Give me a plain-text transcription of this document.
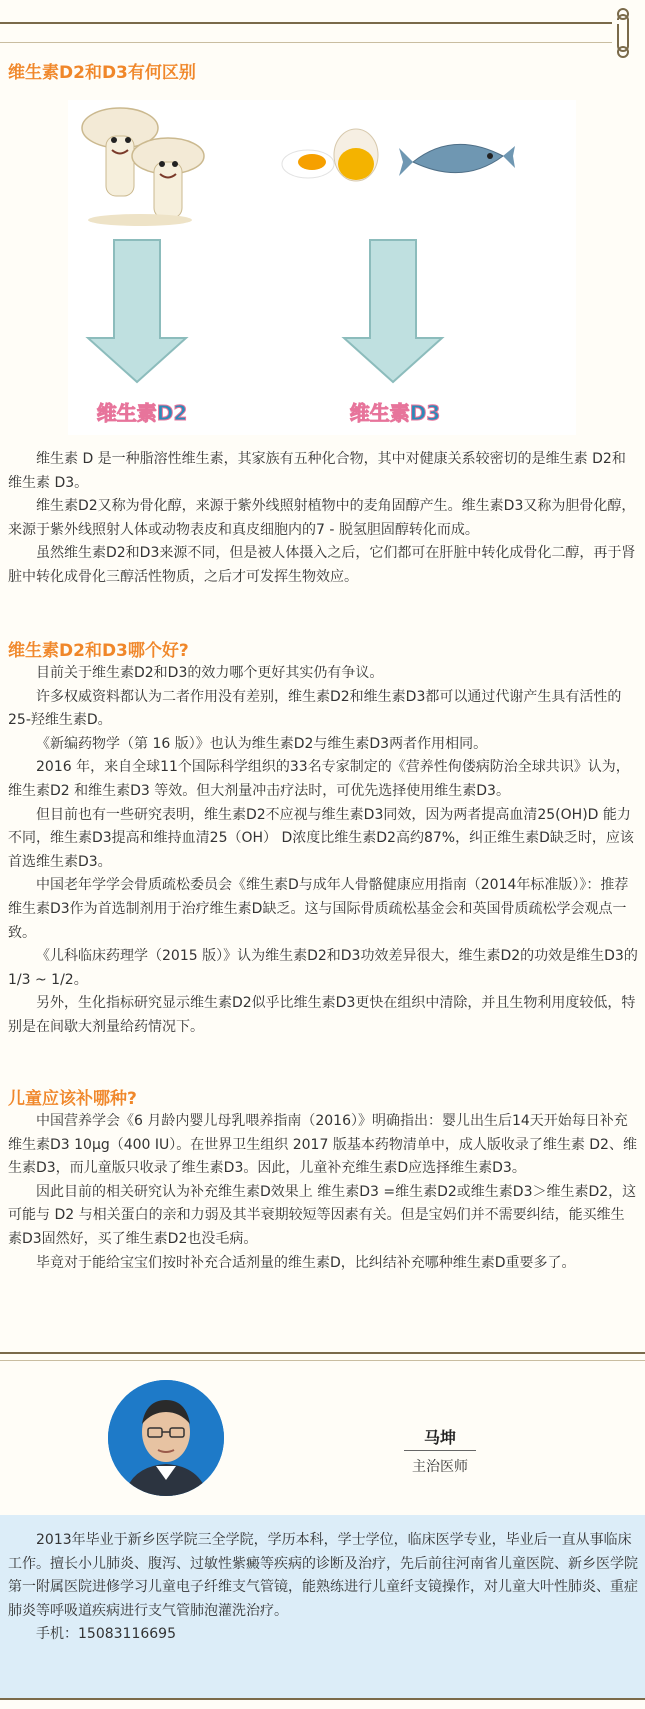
维生素D2和D3有何区别
维生素D2	维生素D3

维生素 D 是一种脂溶性维生素，其家族有五种化合物，其中对健康关系较密切的是维生素 D2和维生素 D3。

维生素D2又称为骨化醇，来源于紫外线照射植物中的麦角固醇产生。维生素D3又称为胆骨化醇，来源于紫外线照射人体或动物表皮和真皮细胞内的7 - 脱氢胆固醇转化而成。

虽然维生素D2和D3来源不同，但是被人体摄入之后，它们都可在肝脏中转化成骨化二醇，再于肾脏中转化成骨化三醇活性物质，之后才可发挥生物效应。

维生素D2和D3哪个好?

目前关于维生素D2和D3的效力哪个更好其实仍有争议。

许多权威资料都认为二者作用没有差别，维生素D2和维生素D3都可以通过代谢产生具有活性的25-羟维生素D。

《新编药物学（第 16 版）》也认为维生素D2与维生素D3两者作用相同。

2016 年，来自全球11个国际科学组织的33名专家制定的《营养性佝偻病防治全球共识》认为，维生素D2 和维生素D3 等效。但大剂量冲击疗法时，可优先选择使用维生素D3。

但目前也有一些研究表明，维生素D2不应视与维生素D3同效，因为两者提高血清25(OH)D 能力不同，维生素D3提高和维持血清25（OH） D浓度比维生素D2高约87%，纠正维生素D缺乏时，应该首选维生素D3。

中国老年学学会骨质疏松委员会《维生素D与成年人骨骼健康应用指南（2014年标准版）》：推荐维生素D3作为首选制剂用于治疗维生素D缺乏。这与国际骨质疏松基金会和英国骨质疏松学会观点一致。

《儿科临床药理学（2015 版）》认为维生素D2和D3功效差异很大，维生素D2的功效是维生D3的1/3 ~ 1/2。

另外，生化指标研究显示维生素D2似乎比维生素D3更快在组织中清除，并且生物利用度较低，特别是在间歇大剂量给药情况下。

儿童应该补哪种?

中国营养学会《6 月龄内婴儿母乳喂养指南（2016）》明确指出：婴儿出生后14天开始每日补充维生素D3 10μg（400 IU）。在世界卫生组织 2017 版基本药物清单中，成人版收录了维生素 D2、维生素D3，而儿童版只收录了维生素D3。因此，儿童补充维生素D应选择维生素D3。

因此目前的相关研究认为补充维生素D效果上 维生素D3 =维生素D2或维生素D3＞维生素D2，这可能与 D2 与相关蛋白的亲和力弱及其半衰期较短等因素有关。但是宝妈们并不需要纠结，能买维生素D3固然好，买了维生素D2也没毛病。

毕竟对于能给宝宝们按时补充合适剂量的维生素D，比纠结补充哪种维生素D重要多了。

马坤
主治医师

2013年毕业于新乡医学院三全学院，学历本科，学士学位，临床医学专业，毕业后一直从事临床工作。擅长小儿肺炎、腹泻、过敏性紫癜等疾病的诊断及治疗，先后前往河南省儿童医院、新乡医学院第一附属医院进修学习儿童电子纤维支气管镜，能熟练进行儿童纤支镜操作，对儿童大叶性肺炎、重症肺炎等呼吸道疾病进行支气管肺泡灌洗治疗。

手机：15083116695
